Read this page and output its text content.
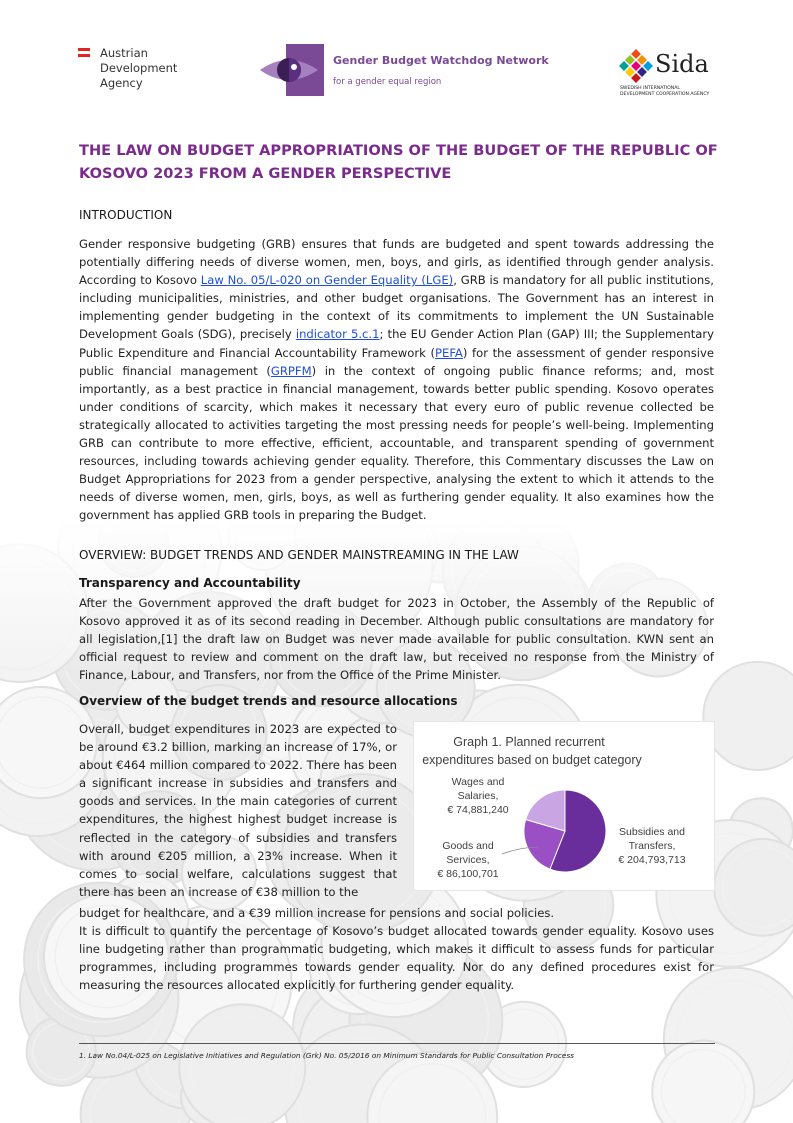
Austrian
Development
Agency
Gender Budget Watchdog Network
for a gender equal region
Sida
SWEDISH INTERNATIONAL
DEVELOPMENT COOPERATION AGENCY
THE LAW ON BUDGET APPROPRIATIONS OF THE BUDGET OF THE REPUBLIC OF KOSOVO 2023 FROM A GENDER PERSPECTIVE
INTRODUCTION
Gender responsive budgeting (GRB) ensures that funds are budgeted and spent towards addressing the potentially differing needs of diverse women, men, boys, and girls, as identified through gender analysis. According to Kosovo Law No. 05/L-020 on Gender Equality (LGE), GRB is mandatory for all public institutions, including municipalities, ministries, and other budget organisations. The Government has an interest in implementing gender budgeting in the context of its commitments to implement the UN Sustainable Development Goals (SDG), precisely indicator 5.c.1; the EU Gender Action Plan (GAP) III; the Supplementary Public Expenditure and Financial Accountability Framework (PEFA) for the assessment of gender responsive public financial management (GRPFM) in the context of ongoing public finance reforms; and, most importantly, as a best practice in financial management, towards better public spending. Kosovo operates under conditions of scarcity, which makes it necessary that every euro of public revenue collected be strategically allocated to activities targeting the most pressing needs for people’s well-being. Implementing GRB can contribute to more effective, efficient, accountable, and transparent spending of government resources, including towards achieving gender equality. Therefore, this Commentary discusses the Law on Budget Appropriations for 2023 from a gender perspective, analysing the extent to which it attends to the needs of diverse women, men, girls, boys, as well as furthering gender equality. It also examines how the government has applied GRB tools in preparing the Budget.
OVERVIEW: BUDGET TRENDS AND GENDER MAINSTREAMING IN THE LAW
Transparency and Accountability
After the Government approved the draft budget for 2023 in October, the Assembly of the Republic of Kosovo approved it as of its second reading in December. Although public consultations are mandatory for all legislation,[1] the draft law on Budget was never made available for public consultation. KWN sent an official request to review and comment on the draft law, but received no response from the Ministry of Finance, Labour, and Transfers, nor from the Office of the Prime Minister.
Overview of the budget trends and resource allocations
Overall, budget expenditures in 2023 are expected to be around €3.2 billion, marking an increase of 17%, or about €464 million compared to 2022. There has been a significant increase in subsidies and transfers and goods and services. In the main categories of current expenditures, the highest highest budget increase is reflected in the category of subsidies and transfers with around €205 million, a 23% increase. When it comes to social welfare, calculations suggest that there has been an increase of €38 million to the
Graph 1. Planned recurrent
expenditures based on budget category
Subsidies and
Transfers,
€ 204,793,713
Goods and
Services,
€ 86,100,701
Wages and
Salaries,
€ 74,881,240
budget for healthcare, and a €39 million increase for pensions and social policies.
It is difficult to quantify the percentage of Kosovo’s budget allocated towards gender equality. Kosovo uses line budgeting rather than programmatic budgeting, which makes it difficult to assess funds for particular programmes, including programmes towards gender equality. Nor do any defined procedures exist for measuring the resources allocated explicitly for furthering gender equality.
1. Law No.04/L-025 on Legislative Initiatives and Regulation (Grk) No. 05/2016 on Minimum Standards for Public Consultation Process
